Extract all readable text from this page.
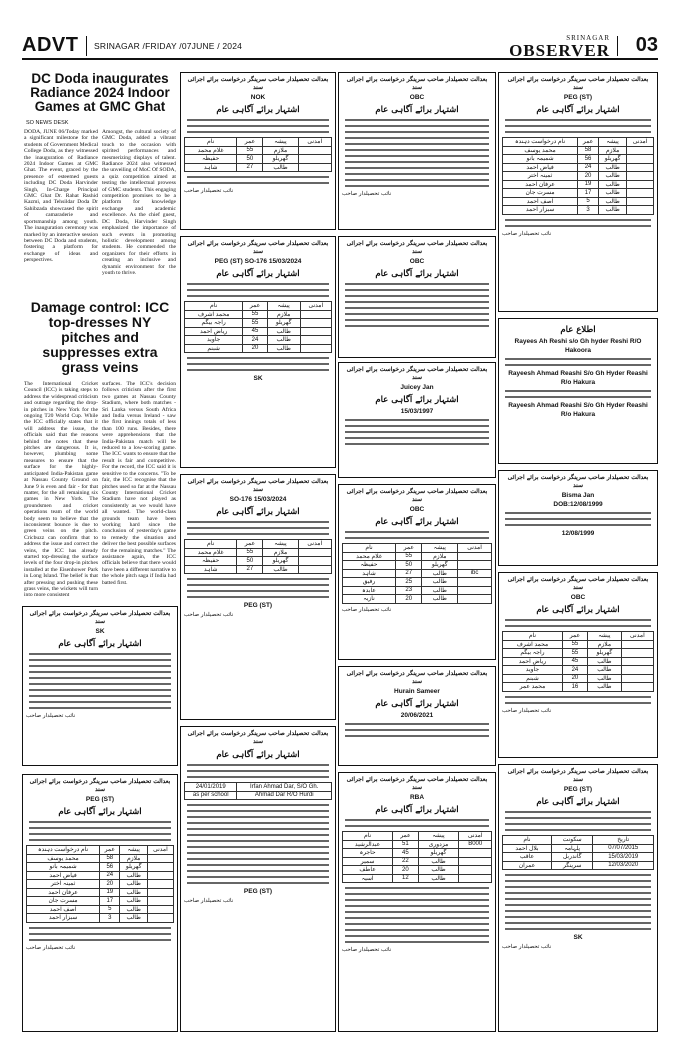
ADVT SRINAGAR /FRIDAY /07JUNE / 2024
SRINAGAR
OBSERVER 03
DC Doda inaugurates Radiance 2024 Indoor Games at GMC Ghat
SO NEWS DESK

DODA, JUNE 06/Today marked a significant milestone for the students of Government Medical College Doda, as they witnessed the inauguration of Radiance 2024 Indoor Games at GMC Ghat. The event, graced by the presence of esteemed guests including DC Doda Harvinder Singh, In-Charge Principal GMC Ghat Dr. Rahat Rashid Kazmi, and Tehsildar Doda Dr Sahibzada showcased the spirit of camaraderie and sportsmanship among youth. The inauguration ceremony was marked by an interactive session between DC Doda and students, fostering a platform for exchange of ideas and perspectives.

Amongst, the cultural society of GMC Doda, added a vibrant touch to the occasion with spirited performances and mesmerizing displays of talent. Radiance 2024 also witnessed the unveiling of MoC Of SODA, a quiz competition aimed at testing the intellectual prowess of GMC students. This engaging competition promises to be a platform for knowledge exchange and academic excellence. As the chief guest, DC Doda, Harvinder Singh emphasized the importance of such events in promoting holistic development among students. He commended the organizers for their efforts in creating an inclusive and dynamic environment for the youth to thrive.

Damage control: ICC top-dresses NY pitches and suppresses extra grass veins

The International Cricket Council (ICC) is taking steps to address the widespread criticism and outrage regarding the drop-in pitches in New York for the ongoing T20 World Cup. While the ICC officially states that it will address the issue, the officials said that the reasons behind the notes that these pitches are dangerous. It is, however, plumbing some measures to ensure that the surface for the highly-anticipated India-Pakistan game at Nassau County Ground on June 9 is even and fair - for that matter, for the all remaining six games in New York. The groundsmen and cricket operations team of the world body seem to believe that the inconsistent bounce is due to green veins on the pitch. Cricbuzz can confirm that to address the issue and correct the veins, the ICC has already started top-dressing the surface levels of the four drop-in pitches installed at the Eisenhower Park in Long Island. The belief is that after pressing and pushing these grass veins, the wickets will turn into more consistent

surfaces. The ICC's decision follows criticism after the first two games at Nassau County Stadium, where both matches - Sri Lanka versus South Africa and India versus Ireland - saw the first innings totals of less than 100 runs. Besides, there were apprehensions that the India-Pakistan match will be reduced to a low-scoring game. The ICC wants to ensure that the result is fair and competitive. For the record, the ICC said it is sensitive to the concerns. "To be fair, the ICC recognise that the pitches used so far at the Nassau County International Cricket Stadium have not played as consistently as we would have all wanted. The world-class grounds team have been working hard since the conclusion of yesterday's game to remedy the situation and deliver the best possible surfaces for the remaining matches." The assistance again, the ICC officials believe that there would have been a different narrative to the whole pitch saga if India had batted first.

بعدالت تحصیلدار صاحب سرینگر درخواست برائے اجرائی سند
SK
اشتہار برائے آگاہی عام
نائب تحصیلدار صاحب
بعدالت تحصیلدار صاحب سرینگر درخواست برائے اجرائی سند
PEG (ST)
اشتہار برائے آگاہی عام
آمدنی	پیشہ	عمر	نام درخواست دہندہ
	ملازم	58	محمد یوسف
	گھریلو	56	شمیمہ بانو
	طالب	24	فیاض احمد
	طالب	20	ثمینہ اختر
	طالب	19	عرفان احمد
	طالب	17	مسرت جان
	طالب	5	آصف احمد
	طالب	3	سبزار احمد
نائب تحصیلدار صاحب
بعدالت تحصیلدار صاحب سرینگر درخواست برائے اجرائی سند
NOK
اشتہار برائے آگاہی عام
آمدنی	پیشہ	عمر	نام
	ملازم	55	غلام محمد
	گھریلو	50	حفیظہ
	طالب	27	شاہد
نائب تحصیلدار صاحب
بعدالت تحصیلدار صاحب سرینگر درخواست برائے اجرائی سند
PEG (ST) SO-176 15/03/2024
اشتہار برائے آگاہی عام
آمدنی	پیشہ	عمر	نام
	ملازم	55	محمد اشرف
	گھریلو	55	راجہ بیگم
	طالب	45	ریاض احمد
	طالب	24	جاوید
	طالب	20	شبنم
SK
بعدالت تحصیلدار صاحب سرینگر درخواست برائے اجرائی سند
SO-176 15/03/2024
اشتہار برائے آگاہی عام
آمدنی	پیشہ	عمر	نام
	ملازم	55	غلام محمد
	گھریلو	50	حفیظہ
	طالب	27	شاہد
PEG (ST)
نائب تحصیلدار صاحب
بعدالت تحصیلدار صاحب سرینگر درخواست برائے اجرائی سند
اشتہار برائے آگاہی عام
24/01/2019	Irfan Ahmad Dar, S/O Gh.
as per school	Ahmad Dar R/O Hurdi
PEG (ST)
نائب تحصیلدار صاحب
بعدالت تحصیلدار صاحب سرینگر درخواست برائے اجرائی سند
OBC
اشتہار برائے آگاہی عام
نائب تحصیلدار صاحب
بعدالت تحصیلدار صاحب سرینگر درخواست برائے اجرائی سند
OBC
اشتہار برائے آگاہی عام
بعدالت تحصیلدار صاحب سرینگر درخواست برائے اجرائی سند
Juicey Jan
اشتہار برائے آگاہی عام
15/03/1997
بعدالت تحصیلدار صاحب سرینگر درخواست برائے اجرائی سند
OBC
اشتہار برائے آگاہی عام
آمدنی	پیشہ	عمر	نام
	ملازم	55	غلام محمد
	گھریلو	50	حفیظہ
ibc	طالب	27	شاہد
	طالب	25	رفیق
	طالب	23	عابدہ
	طالب	20	نازیہ
نائب تحصیلدار صاحب
بعدالت تحصیلدار صاحب سرینگر درخواست برائے اجرائی سند
Hurain Sameer
اشتہار برائے آگاہی عام
20/06/2021
بعدالت تحصیلدار صاحب سرینگر درخواست برائے اجرائی سند
RBA
اشتہار برائے آگاہی عام
آمدنی	پیشہ	عمر	نام
B000	مزدوری	51	عبدالرشید
	گھریلو	45	حاجرہ
	طالب	22	سمیر
	طالب	20	عاطف
	طالب	12	آسیہ
نائب تحصیلدار صاحب
بعدالت تحصیلدار صاحب سرینگر درخواست برائے اجرائی سند
PEG (ST)
اشتہار برائے آگاہی عام
آمدنی	پیشہ	عمر	نام درخواست دہندہ
	ملازم	58	محمد یوسف
	گھریلو	56	شمیمہ بانو
	طالب	24	فیاض احمد
	طالب	20	ثمینہ اختر
	طالب	19	عرفان احمد
	طالب	17	مسرت جان
	طالب	5	آصف احمد
	طالب	3	سبزار احمد
نائب تحصیلدار صاحب
اطلاع عام
Rayees Ah Reshi s/o Gh hyder Reshi R/O
Hakoora
Rayeesh Ahmad Reashi S/o Gh Hyder Reashi
R/o Hakura
Rayeesh Ahmad Reashi S/o Gh Hyder Reashi
R/o Hakura
بعدالت تحصیلدار صاحب سرینگر درخواست برائے اجرائی سند
Bisma Jan
DOB:12/08/1999
12/08/1999
بعدالت تحصیلدار صاحب سرینگر درخواست برائے اجرائی سند
OBC
اشتہار برائے آگاہی عام
آمدنی	پیشہ	عمر	نام
	ملازم	55	محمد اشرف
	گھریلو	55	راجہ بیگم
	طالب	45	ریاض احمد
	طالب	24	جاوید
	طالب	20	شبنم
	طالب	16	محمد عمر
نائب تحصیلدار صاحب
بعدالت تحصیلدار صاحب سرینگر درخواست برائے اجرائی سند
PEG (ST)
اشتہار برائے آگاہی عام
تاریخ	سکونت	نام
07/07/2015	پلہامہ	بلال احمد
15/03/2019	گاندربل	عاقب
12/03/2020	سرینگر	عمران
SK
نائب تحصیلدار صاحب
